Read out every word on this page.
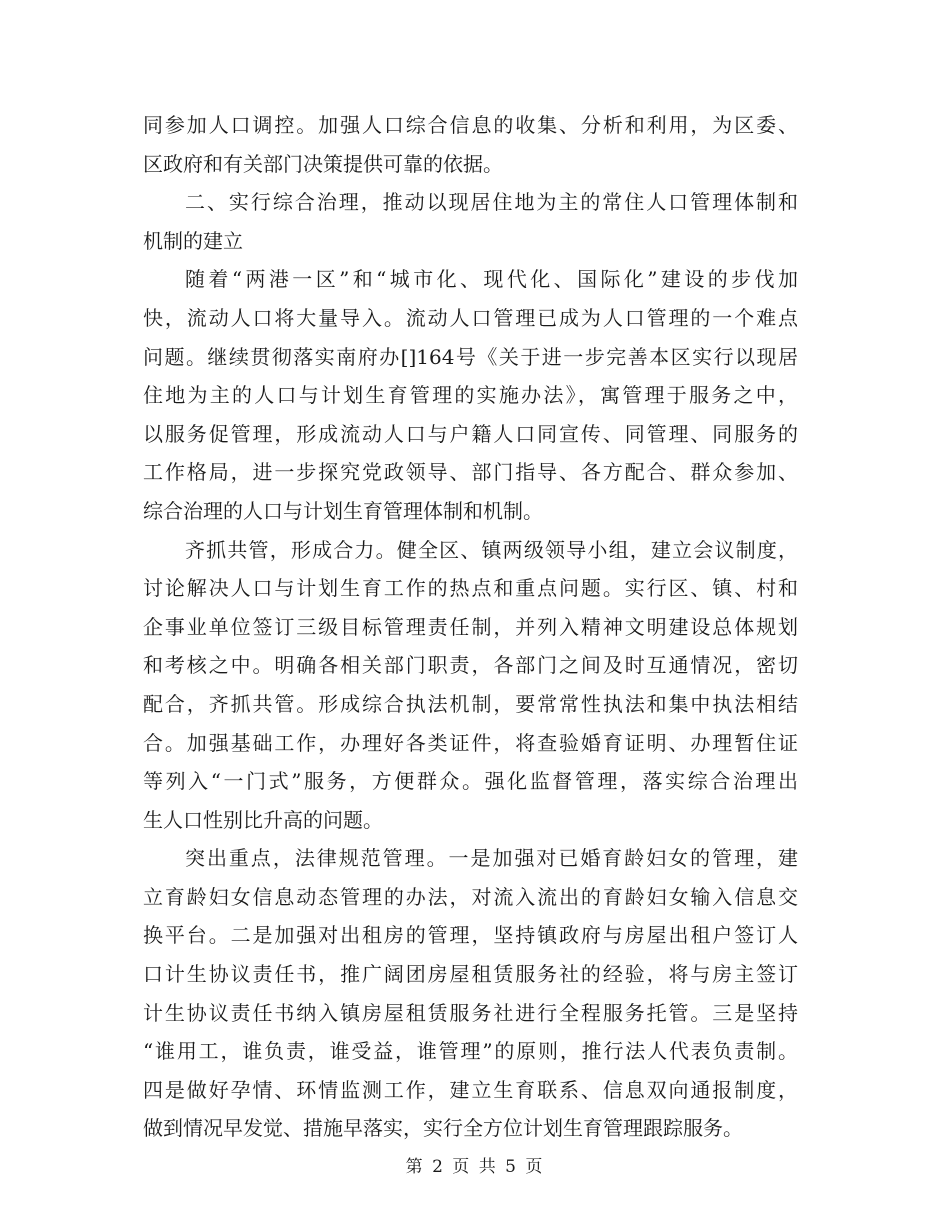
同参加人口调控。加强人口综合信息的收集、分析和利用，为区委、
区政府和有关部门决策提供可靠的依据。
二、实行综合治理，推动以现居住地为主的常住人口管理体制和
机制的建立
随着“两港一区”和“城市化、现代化、国际化”建设的步伐加
快，流动人口将大量导入。流动人口管理已成为人口管理的一个难点
问题。继续贯彻落实南府办[]164号《关于进一步完善本区实行以现居
住地为主的人口与计划生育管理的实施办法》，寓管理于服务之中，
以服务促管理，形成流动人口与户籍人口同宣传、同管理、同服务的
工作格局，进一步探究党政领导、部门指导、各方配合、群众参加、
综合治理的人口与计划生育管理体制和机制。
齐抓共管，形成合力。健全区、镇两级领导小组，建立会议制度，
讨论解决人口与计划生育工作的热点和重点问题。实行区、镇、村和
企事业单位签订三级目标管理责任制，并列入精神文明建设总体规划
和考核之中。明确各相关部门职责，各部门之间及时互通情况，密切
配合，齐抓共管。形成综合执法机制，要常常性执法和集中执法相结
合。加强基础工作，办理好各类证件，将查验婚育证明、办理暂住证
等列入“一门式”服务，方便群众。强化监督管理，落实综合治理出
生人口性别比升高的问题。
突出重点，法律规范管理。一是加强对已婚育龄妇女的管理，建
立育龄妇女信息动态管理的办法，对流入流出的育龄妇女输入信息交
换平台。二是加强对出租房的管理，坚持镇政府与房屋出租户签订人
口计生协议责任书，推广阔团房屋租赁服务社的经验，将与房主签订
计生协议责任书纳入镇房屋租赁服务社进行全程服务托管。三是坚持
“谁用工，谁负责，谁受益，谁管理”的原则，推行法人代表负责制。
四是做好孕情、环情监测工作，建立生育联系、信息双向通报制度，
做到情况早发觉、措施早落实，实行全方位计划生育管理跟踪服务。
第 2 页 共 5 页
